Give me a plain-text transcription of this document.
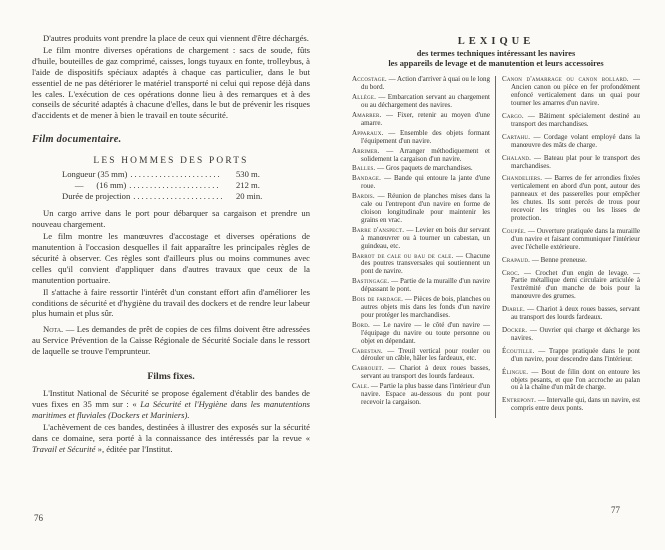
D'autres produits vont prendre la place de ceux qui viennent d'être déchargés.

Le film montre diverses opérations de chargement : sacs de soude, fûts d'huile, bouteilles de gaz comprimé, caisses, longs tuyaux en fonte, trolleybus, à l'aide de dispositifs spéciaux adaptés à chaque cas particulier, dans le but essentiel de ne pas détériorer le matériel transporté ni celui qui repose déjà dans les cales. L'exécution de ces opérations donne lieu à des remarques et à des conseils de sécurité adaptés à chacune d'elles, dans le but de prévenir les risques d'accidents et de mener à bien le travail en toute sécurité.

Film documentaire.
LES HOMMES DES PORTS
Longueur (35 mm) ......................	530 m.
—      (16 mm) ......................	212 m.
Durée de projection ......................	20 min.

Un cargo arrive dans le port pour débarquer sa cargaison et prendre un nouveau chargement.

Le film montre les manœuvres d'accostage et diverses opérations de manutention à l'occasion desquelles il fait apparaître les principales règles de sécurité à observer. Ces règles sont d'ailleurs plus ou moins communes avec celles qu'il convient d'appliquer dans d'autres travaux que ceux de la manutention portuaire.

Il s'attache à faire ressortir l'intérêt d'un constant effort afin d'améliorer les conditions de sécurité et d'hygiène du travail des dockers et de rendre leur labeur plus humain et plus sûr.

Nota. — Les demandes de prêt de copies de ces films doivent être adressées au Service Prévention de la Caisse Régionale de Sécurité Sociale dans le ressort de laquelle se trouve l'emprunteur.

Films fixes.

L'Institut National de Sécurité se propose également d'établir des bandes de vues fixes en 35 mm sur : « La Sécurité et l'Hygiène dans les manutentions maritimes et fluviales (Dockers et Mariniers).

L'achèvement de ces bandes, destinées à illustrer des exposés sur la sécurité dans ce domaine, sera porté à la connaissance des intéressés par la revue « Travail et Sécurité », éditée par l'Institut.

LEXIQUE

des termes techniques intéressant les navires

les appareils de levage et de manutention et leurs accessoires

Accostage. — Action d'arriver à quai ou le long du bord.
Allège. — Embarcation servant au chargement ou au déchargement des navires.
Amarrer. — Fixer, retenir au moyen d'une amarre.
Apparaux. — Ensemble des objets formant l'équipement d'un navire.
Arrimer. — Arranger méthodiquement et solidement la cargaison d'un navire.
Balles. — Gros paquets de marchandises.
Bandage. — Bande qui entoure la jante d'une roue.
Bardis. — Réunion de planches mises dans la cale ou l'entrepont d'un navire en forme de cloison longitudinale pour maintenir les grains en vrac.
Barre d'anspect. — Levier en bois dur servant à manœuvrer ou à tourner un cabestan, un guindeau, etc.
Barrot de cale ou bau de cale. — Chacune des poutres transversales qui soutiennent un pont de navire.
Bastingage. — Partie de la muraille d'un navire dépassant le pont.
Bois de fardage. — Pièces de bois, planches ou autres objets mis dans les fonds d'un navire pour protéger les marchandises.
Bord. — Le navire — le côté d'un navire — l'équipage du navire ou toute personne ou objet en dépendant.
Cabestan. — Treuil vertical pour rouler ou dérouler un câble, hâler les fardeaux, etc.
Cabrouet. — Chariot à deux roues basses, servant au transport des lourds fardeaux.
Cale. — Partie la plus basse dans l'intérieur d'un navire. Espace au-dessous du pont pour recevoir la cargaison.
Canon d'amarrage ou canon bollard. — Ancien canon ou pièce en fer profondément enfoncé verticalement dans un quai pour tourner les amarres d'un navire.
Cargo. — Bâtiment spécialement destiné au transport des marchandises.
Cartahu. — Cordage volant employé dans la manœuvre des mâts de charge.
Chaland. — Bateau plat pour le transport des marchandises.
Chandeliers. — Barres de fer arrondies fixées verticalement en abord d'un pont, autour des panneaux et des passerelles pour empêcher les chutes. Ils sont percés de trous pour recevoir les tringles ou les lisses de protection.
Coupée. — Ouverture pratiquée dans la muraille d'un navire et faisant communiquer l'intérieur avec l'échelle extérieure.
Crapaud. — Benne preneuse.
Croc. — Crochet d'un engin de levage. — Partie métallique demi circulaire articulée à l'extrémité d'un manche de bois pour la manœuvre des grumes.
Diable. — Chariot à deux roues basses, servant au transport des lourds fardeaux.
Docker. — Ouvrier qui charge et décharge les navires.
Écoutille. — Trappe pratiquée dans le pont d'un navire, pour descendre dans l'intérieur.
Élingue. — Bout de filin dont on entoure les objets pesants, et que l'on accroche au palan ou à la chaîne d'un mât de charge.
Entrepont. — Intervalle qui, dans un navire, est compris entre deux ponts.
76
77
